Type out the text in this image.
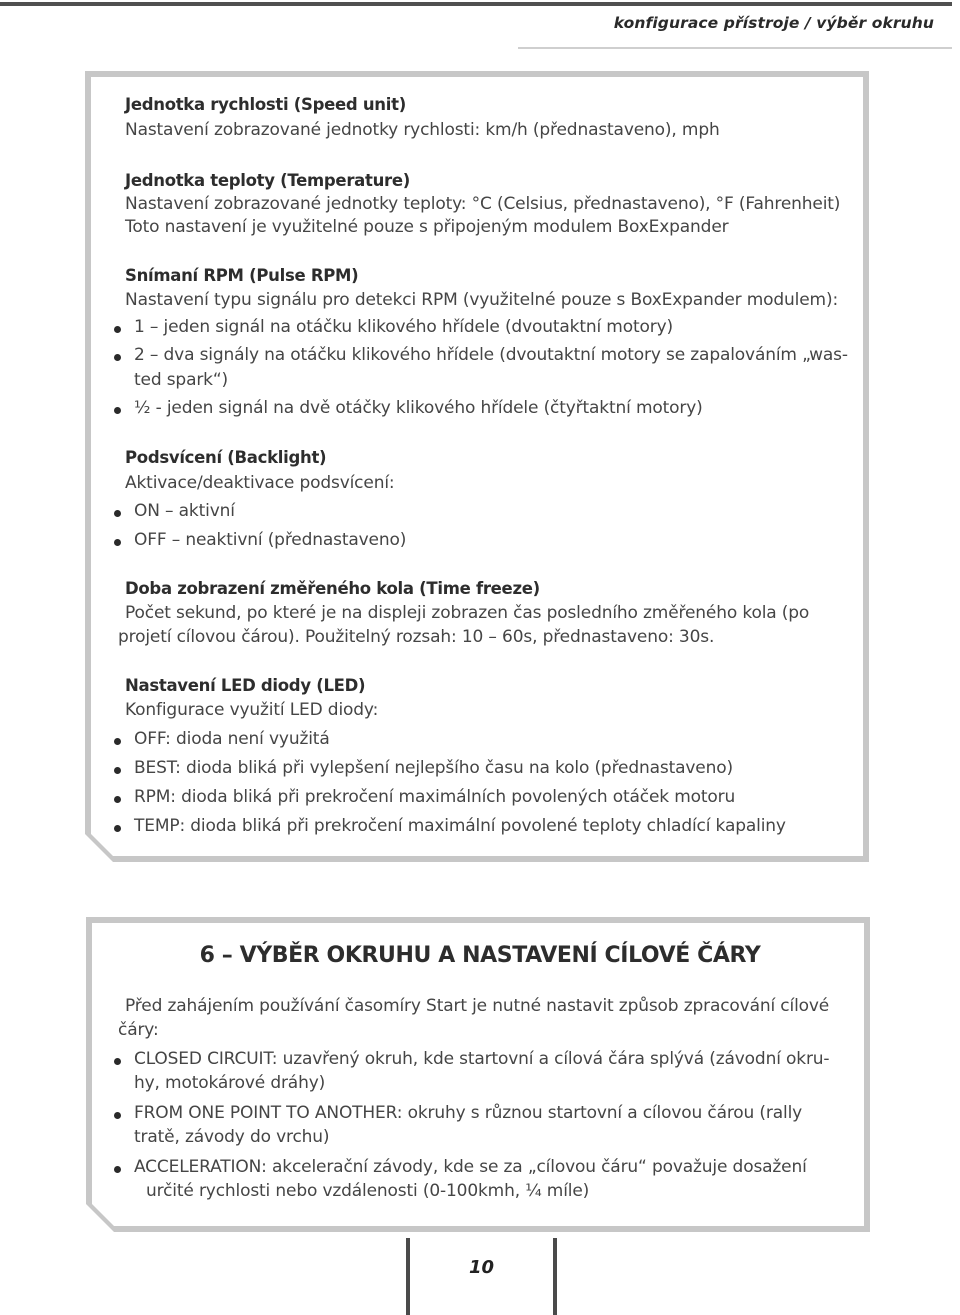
konfigurace přístroje / výběr okruhu
Jednotka rychlosti (Speed unit)
Nastavení zobrazované jednotky rychlosti: km/h (přednastaveno), mph
Jednotka teploty (Temperature)
Nastavení zobrazované jednotky teploty: °C (Celsius, přednastaveno), °F (Fahrenheit)
Toto nastavení je využitelné pouze s připojeným modulem BoxExpander
Snímaní RPM (Pulse RPM)
Nastavení typu signálu pro detekci RPM (využitelné pouze s BoxExpander modulem):
1 – jeden signál na otáčku klikového hřídele (dvoutaktní motory)
2 – dva signály na otáčku klikového hřídele (dvoutaktní motory se zapalováním „was-
ted spark“)
½ - jeden signál na dvě otáčky klikového hřídele (čtyřtaktní motory)
Podsvícení (Backlight)
Aktivace/deaktivace podsvícení:
ON – aktivní
OFF – neaktivní (přednastaveno)
Doba zobrazení změřeného kola (Time freeze)
Počet sekund, po které je na displeji zobrazen čas posledního změřeného kola (po
projetí cílovou čárou). Použitelný rozsah: 10 – 60s, přednastaveno: 30s.
Nastavení LED diody (LED)
Konfigurace využití LED diody:
OFF: dioda není využitá
BEST: dioda bliká při vylepšení nejlepšího času na kolo (přednastaveno)
RPM: dioda bliká při prekročení maximálních povolených otáček motoru
TEMP: dioda bliká při prekročení maximální povolené teploty chladící kapaliny
6 – VÝBĚR OKRUHU A NASTAVENÍ CÍLOVÉ ČÁRY
Před zahájením používání časomíry Start je nutné nastavit způsob zpracování cílové
čáry:
CLOSED CIRCUIT: uzavřený okruh, kde startovní a cílová čára splývá (závodní okru-
hy, motokárové dráhy)
FROM ONE POINT TO ANOTHER: okruhy s různou startovní a cílovou čárou (rally
tratě, závody do vrchu)
ACCELERATION: akcelerační závody, kde se za „cílovou čáru“ považuje dosažení
určité rychlosti nebo vzdálenosti (0-100kmh, ¼ míle)
10
